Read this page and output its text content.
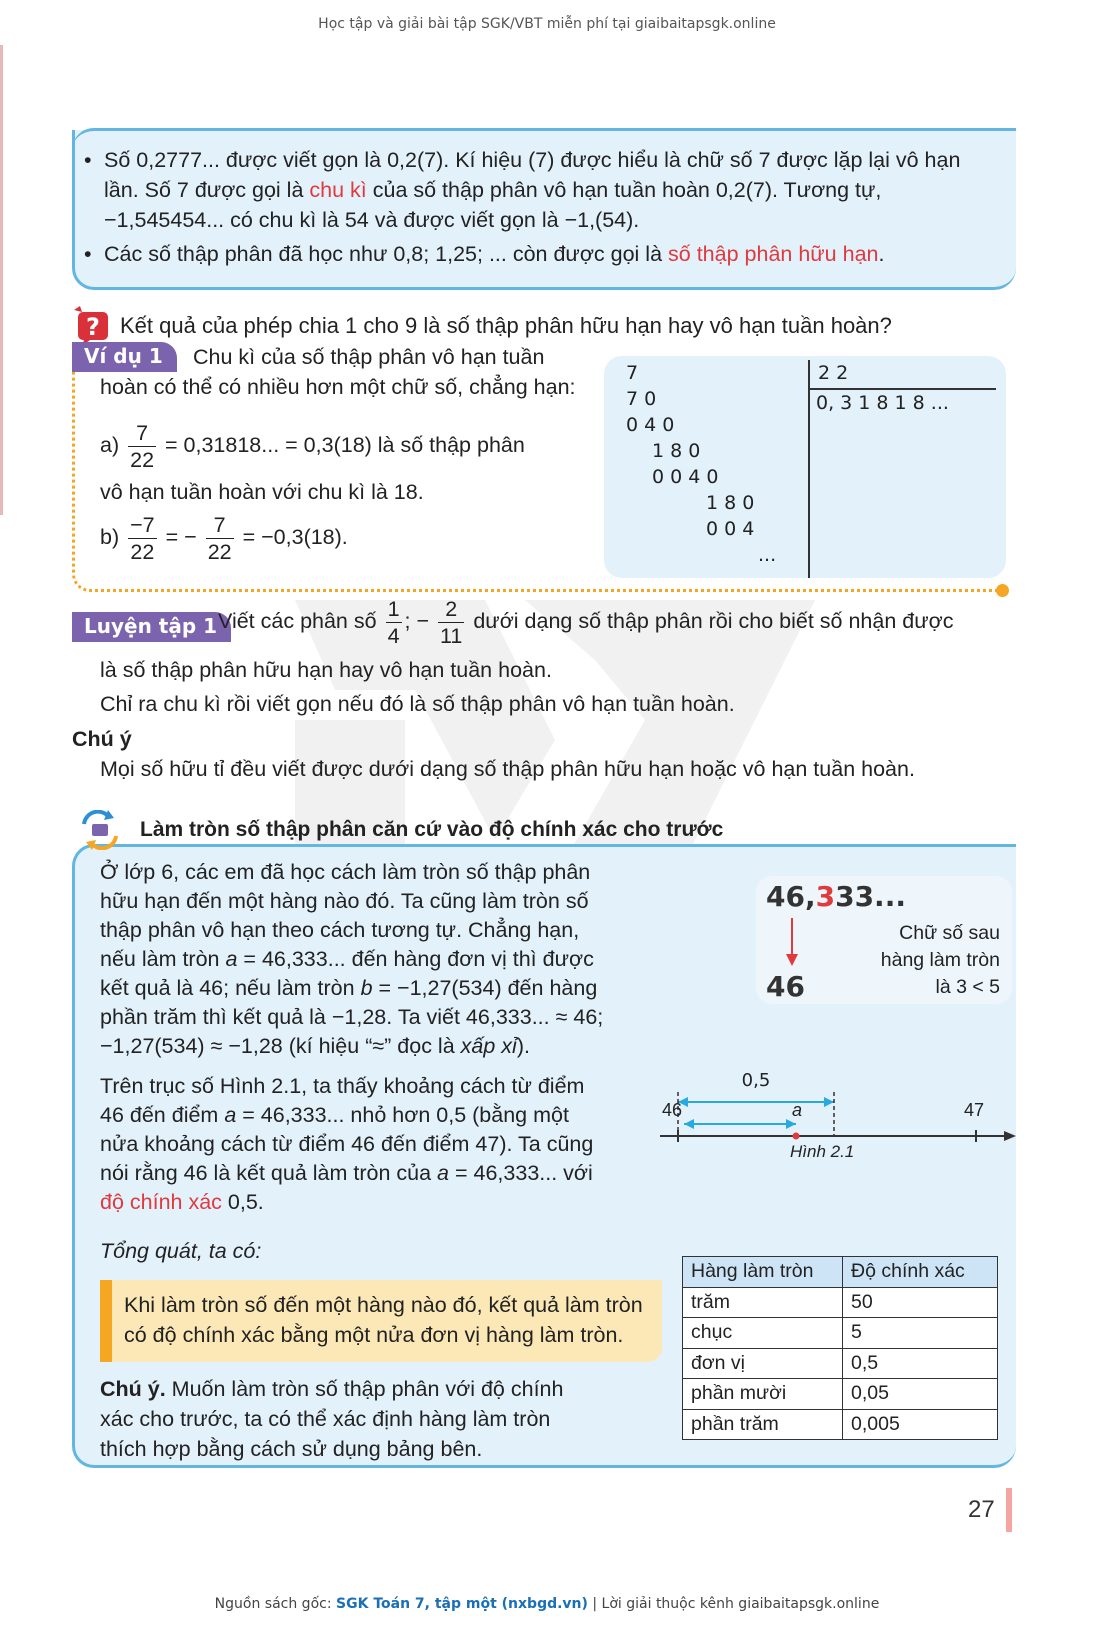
Học tập và giải bài tập SGK/VBT miễn phí tại giaibaitapsgk.online
• Số 0,2777... được viết gọn là 0,2(7). Kí hiệu (7) được hiểu là chữ số 7 được lặp lại vô hạn lần. Số 7 được gọi là chu kì của số thập phân vô hạn tuần hoàn 0,2(7). Tương tự, −1,545454... có chu kì là 54 và được viết gọn là −1,(54).
• Các số thập phân đã học như 0,8; 1,25; ... còn được gọi là số thập phân hữu hạn.
? Kết quả của phép chia 1 cho 9 là số thập phân hữu hạn hay vô hạn tuần hoàn?
Ví dụ 1	Chu kì của số thập phân vô hạn tuần
hoàn có thể có nhiều hơn một chữ số, chẳng hạn:
$a) \frac{7}{22} = 0,31818$... = 0,3(18) là số thập phân
vô hạn tuần hoàn với chu kì là 18.
$b) \frac{-7}{22}$ = − $\frac{7}{22} = -0,3(18)$.
7
7 0
0 4 0
1 8 0
0 0 4 0
1 8 0
0 0 4
...
2 2
0, 3 1 8 1 8 ...
Luyện tập 1 Viết các phân số $\frac{1}{4}$ ; − $\frac{2}{11}$ dưới dạng số thập phân rồi cho biết số nhận được
là số thập phân hữu hạn hay vô hạn tuần hoàn.
Chỉ ra chu kì rồi viết gọn nếu đó là số thập phân vô hạn tuần hoàn.
Chú ý
Mọi số hữu tỉ đều viết được dưới dạng số thập phân hữu hạn hoặc vô hạn tuần hoàn.
Làm tròn số thập phân căn cứ vào độ chính xác cho trước
Ở lớp 6, các em đã học cách làm tròn số thập phân
hữu hạn đến một hàng nào đó. Ta cũng làm tròn số
thập phân vô hạn theo cách tương tự. Chẳng hạn,
nếu làm tròn a = 46,333... đến hàng đơn vị thì được
kết quả là 46; nếu làm tròn b = −1,27(534) đến hàng
phần trăm thì kết quả là −1,28. Ta viết 46,333... ≈ 46;
−1,27(534) ≈ −1,28 (kí hiệu “≈” đọc là xấp xỉ).
Trên trục số Hình 2.1, ta thấy khoảng cách từ điểm
46 đến điểm a = 46,333... nhỏ hơn 0,5 (bằng một
nửa khoảng cách từ điểm 46 đến điểm 47). Ta cũng
nói rằng 46 là kết quả làm tròn của a = 46,333... với
độ chính xác 0,5.
Tổng quát, ta có:
Khi làm tròn số đến một hàng nào đó, kết quả làm tròn
có độ chính xác bằng một nửa đơn vị hàng làm tròn.
Chú ý. Muốn làm tròn số thập phân với độ chính
xác cho trước, ta có thể xác định hàng làm tròn
thích hợp bằng cách sử dụng bảng bên.
46,333...
46
Chữ số sau
hàng làm tròn
là 3 < 5
0,5
46	a	47
Hình 2.1
Hàng làm tròn	Độ chính xác
trăm	50
chục	5
đơn vị	0,5
phần mười	0,05
phần trăm	0,005
27
Nguồn sách gốc: SGK Toán 7, tập một (nxbgd.vn) | Lời giải thuộc kênh giaibaitapsgk.online
